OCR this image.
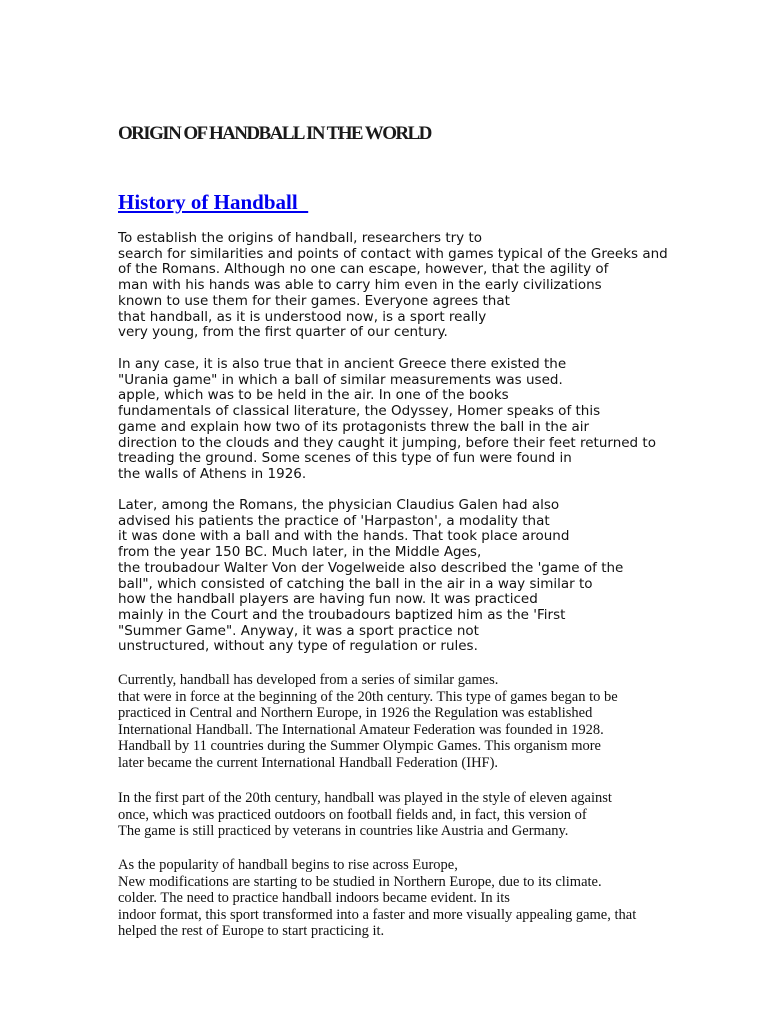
ORIGIN OF HANDBALL IN THE WORLD
History of Handball
To establish the origins of handball, researchers try to
search for similarities and points of contact with games typical of the Greeks and
of the Romans. Although no one can escape, however, that the agility of
man with his hands was able to carry him even in the early civilizations
known to use them for their games. Everyone agrees that
that handball, as it is understood now, is a sport really
very young, from the first quarter of our century.
In any case, it is also true that in ancient Greece there existed the
"Urania game" in which a ball of similar measurements was used.
apple, which was to be held in the air. In one of the books
fundamentals of classical literature, the Odyssey, Homer speaks of this
game and explain how two of its protagonists threw the ball in the air
direction to the clouds and they caught it jumping, before their feet returned to
treading the ground. Some scenes of this type of fun were found in
the walls of Athens in 1926.
Later, among the Romans, the physician Claudius Galen had also
advised his patients the practice of 'Harpaston', a modality that
it was done with a ball and with the hands. That took place around
from the year 150 BC. Much later, in the Middle Ages,
the troubadour Walter Von der Vogelweide also described the 'game of the
ball", which consisted of catching the ball in the air in a way similar to
how the handball players are having fun now. It was practiced
mainly in the Court and the troubadours baptized him as the 'First
"Summer Game". Anyway, it was a sport practice not
unstructured, without any type of regulation or rules.
Currently, handball has developed from a series of similar games.
that were in force at the beginning of the 20th century. This type of games began to be
practiced in Central and Northern Europe, in 1926 the Regulation was established
International Handball. The International Amateur Federation was founded in 1928.
Handball by 11 countries during the Summer Olympic Games. This organism more
later became the current International Handball Federation (IHF).
In the first part of the 20th century, handball was played in the style of eleven against
once, which was practiced outdoors on football fields and, in fact, this version of
The game is still practiced by veterans in countries like Austria and Germany.
As the popularity of handball begins to rise across Europe,
New modifications are starting to be studied in Northern Europe, due to its climate.
colder. The need to practice handball indoors became evident. In its
indoor format, this sport transformed into a faster and more visually appealing game, that
helped the rest of Europe to start practicing it.
